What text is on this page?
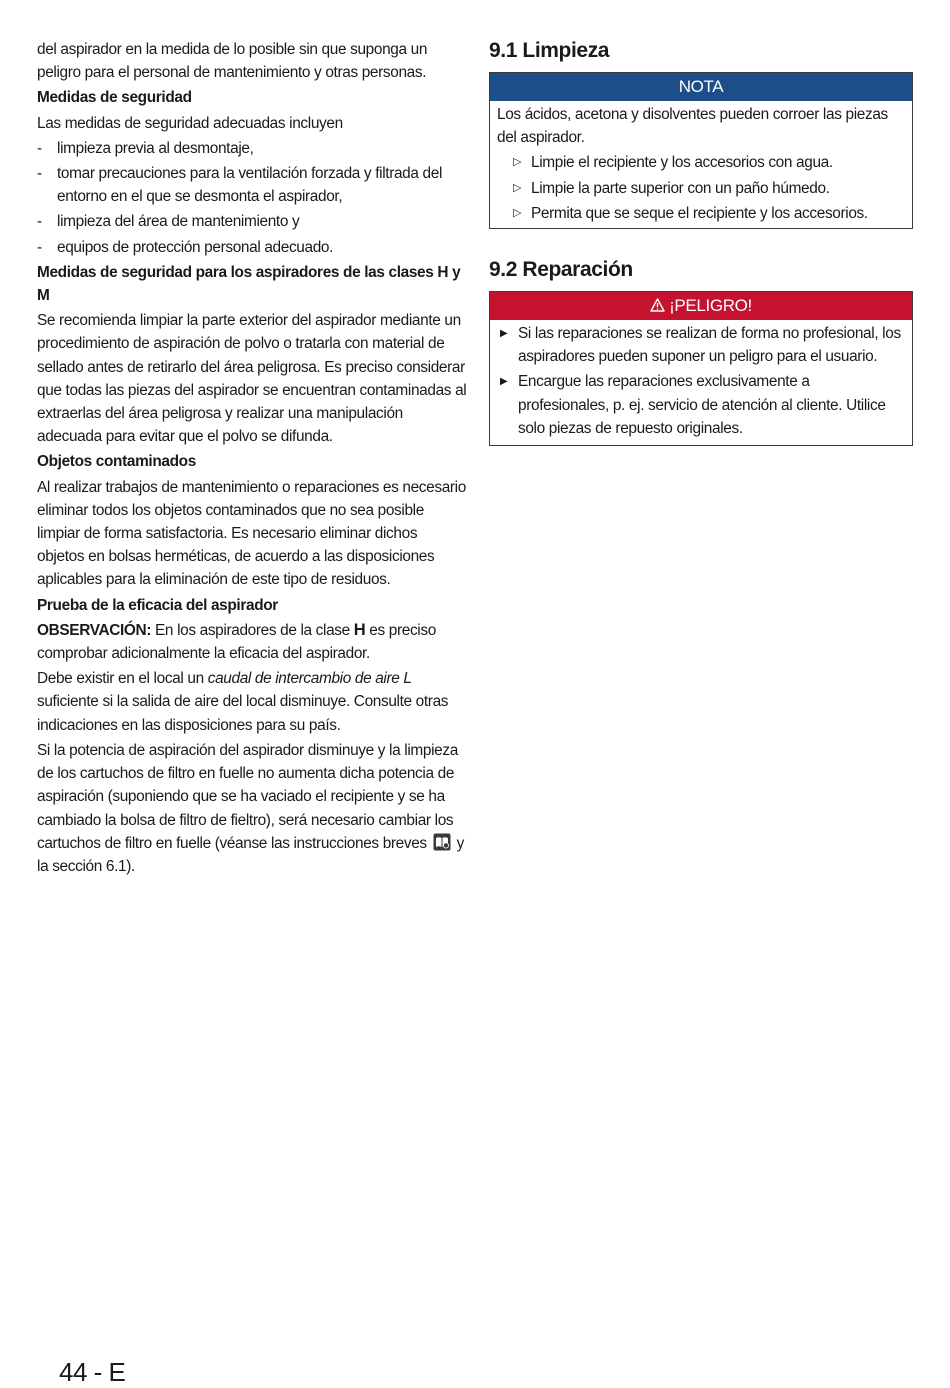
del aspirador en la medida de lo posible sin que suponga un peligro para el personal de mantenimiento y otras personas.

Medidas de seguridad

Las medidas de seguridad adecuadas incluyen

- limpieza previa al desmontaje,
- tomar precauciones para la ventilación forzada y filtrada del entorno en el que se desmonta el aspirador,
- limpieza del área de mantenimiento y
- equipos de protección personal adecuado.
Medidas de seguridad para los aspiradores de las clases H y M

Se recomienda limpiar la parte exterior del aspirador mediante un procedimiento de aspiración de polvo o tratarla con material de sellado antes de retirarlo del área peligrosa. Es preciso considerar que todas las piezas del aspirador se encuentran contaminadas al extraerlas del área peligrosa y realizar una manipulación adecuada para evitar que el polvo se difunda.

Objetos contaminados

Al realizar trabajos de mantenimiento o reparaciones es necesario eliminar todos los objetos contaminados que no sea posible limpiar de forma satisfactoria. Es necesario eliminar dichos objetos en bolsas herméticas, de acuerdo a las disposiciones aplicables para la eliminación de este tipo de residuos.

Prueba de la eficacia del aspirador

OBSERVACIÓN: En los aspiradores de la clase H es preciso comprobar adicionalmente la eficacia del aspirador.

Debe existir en el local un caudal de intercambio de aire L suficiente si la salida de aire del local disminuye. Consulte otras indicaciones en las disposiciones para su país.

Si la potencia de aspiración del aspirador disminuye y la limpieza de los cartuchos de filtro en fuelle no aumenta dicha potencia de aspiración (suponiendo que se ha vaciado el recipiente y se ha cambiado la bolsa de filtro de fieltro), será necesario cambiar los cartuchos de filtro en fuelle (véanse las instrucciones breves  y la sección 6.1).

9.1 Limpieza
NOTA

Los ácidos, acetona y disolventes pueden corroer las piezas del aspirador.

▷ Limpie el recipiente y los accesorios con agua.
▷ Limpie la parte superior con un paño húmedo.
▷ Permita que se seque el recipiente y los accesorios.
9.2 Reparación
¡PELIGRO!
▶ Si las reparaciones se realizan de forma no profesional, los aspiradores pueden suponer un peligro para el usuario.
▶ Encargue las reparaciones exclusivamente a profesionales, p. ej. servicio de atención al cliente. Utilice solo piezas de repuesto originales.
44 - E
